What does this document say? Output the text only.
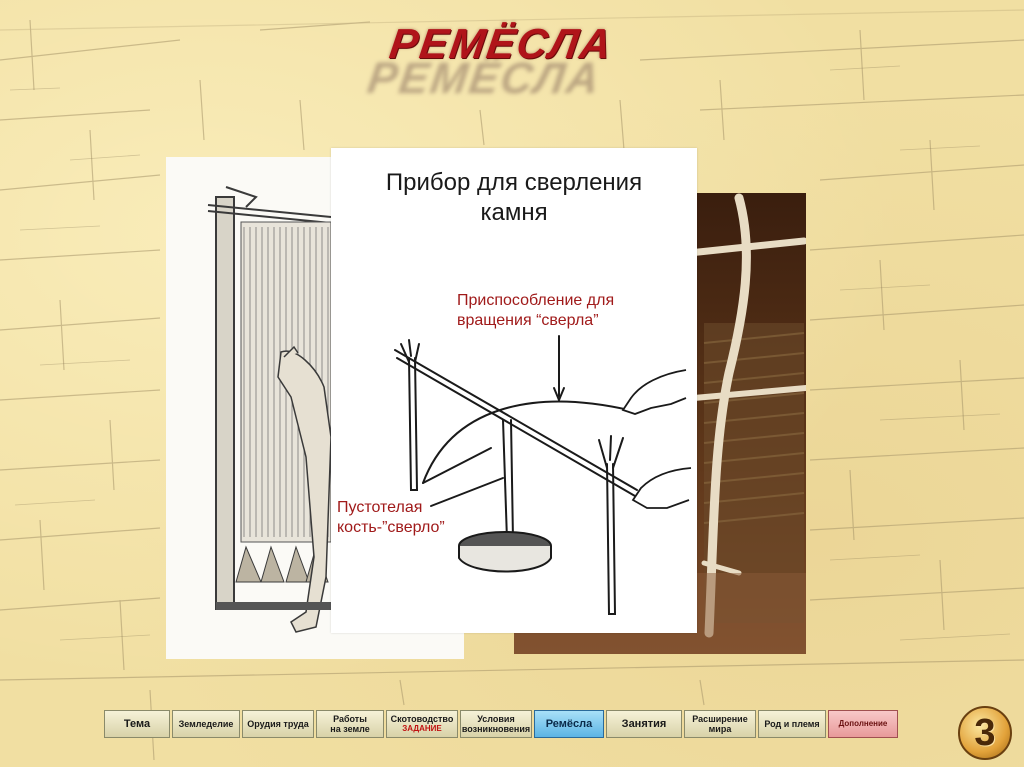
РЕМЁСЛА
РЕМЁСЛА
Прибор для сверления
камня
Приспособление для
вращения “сверла”
Пустотелая
кость-”сверло”
Тема	Земледелие Орудия труда	Работы
на земле
Скотоводство
ЗАДАНИЕ
Условия
возникновения Ремёсла	Занятия	Расширение
мира	Род и племя Дополнение 3
